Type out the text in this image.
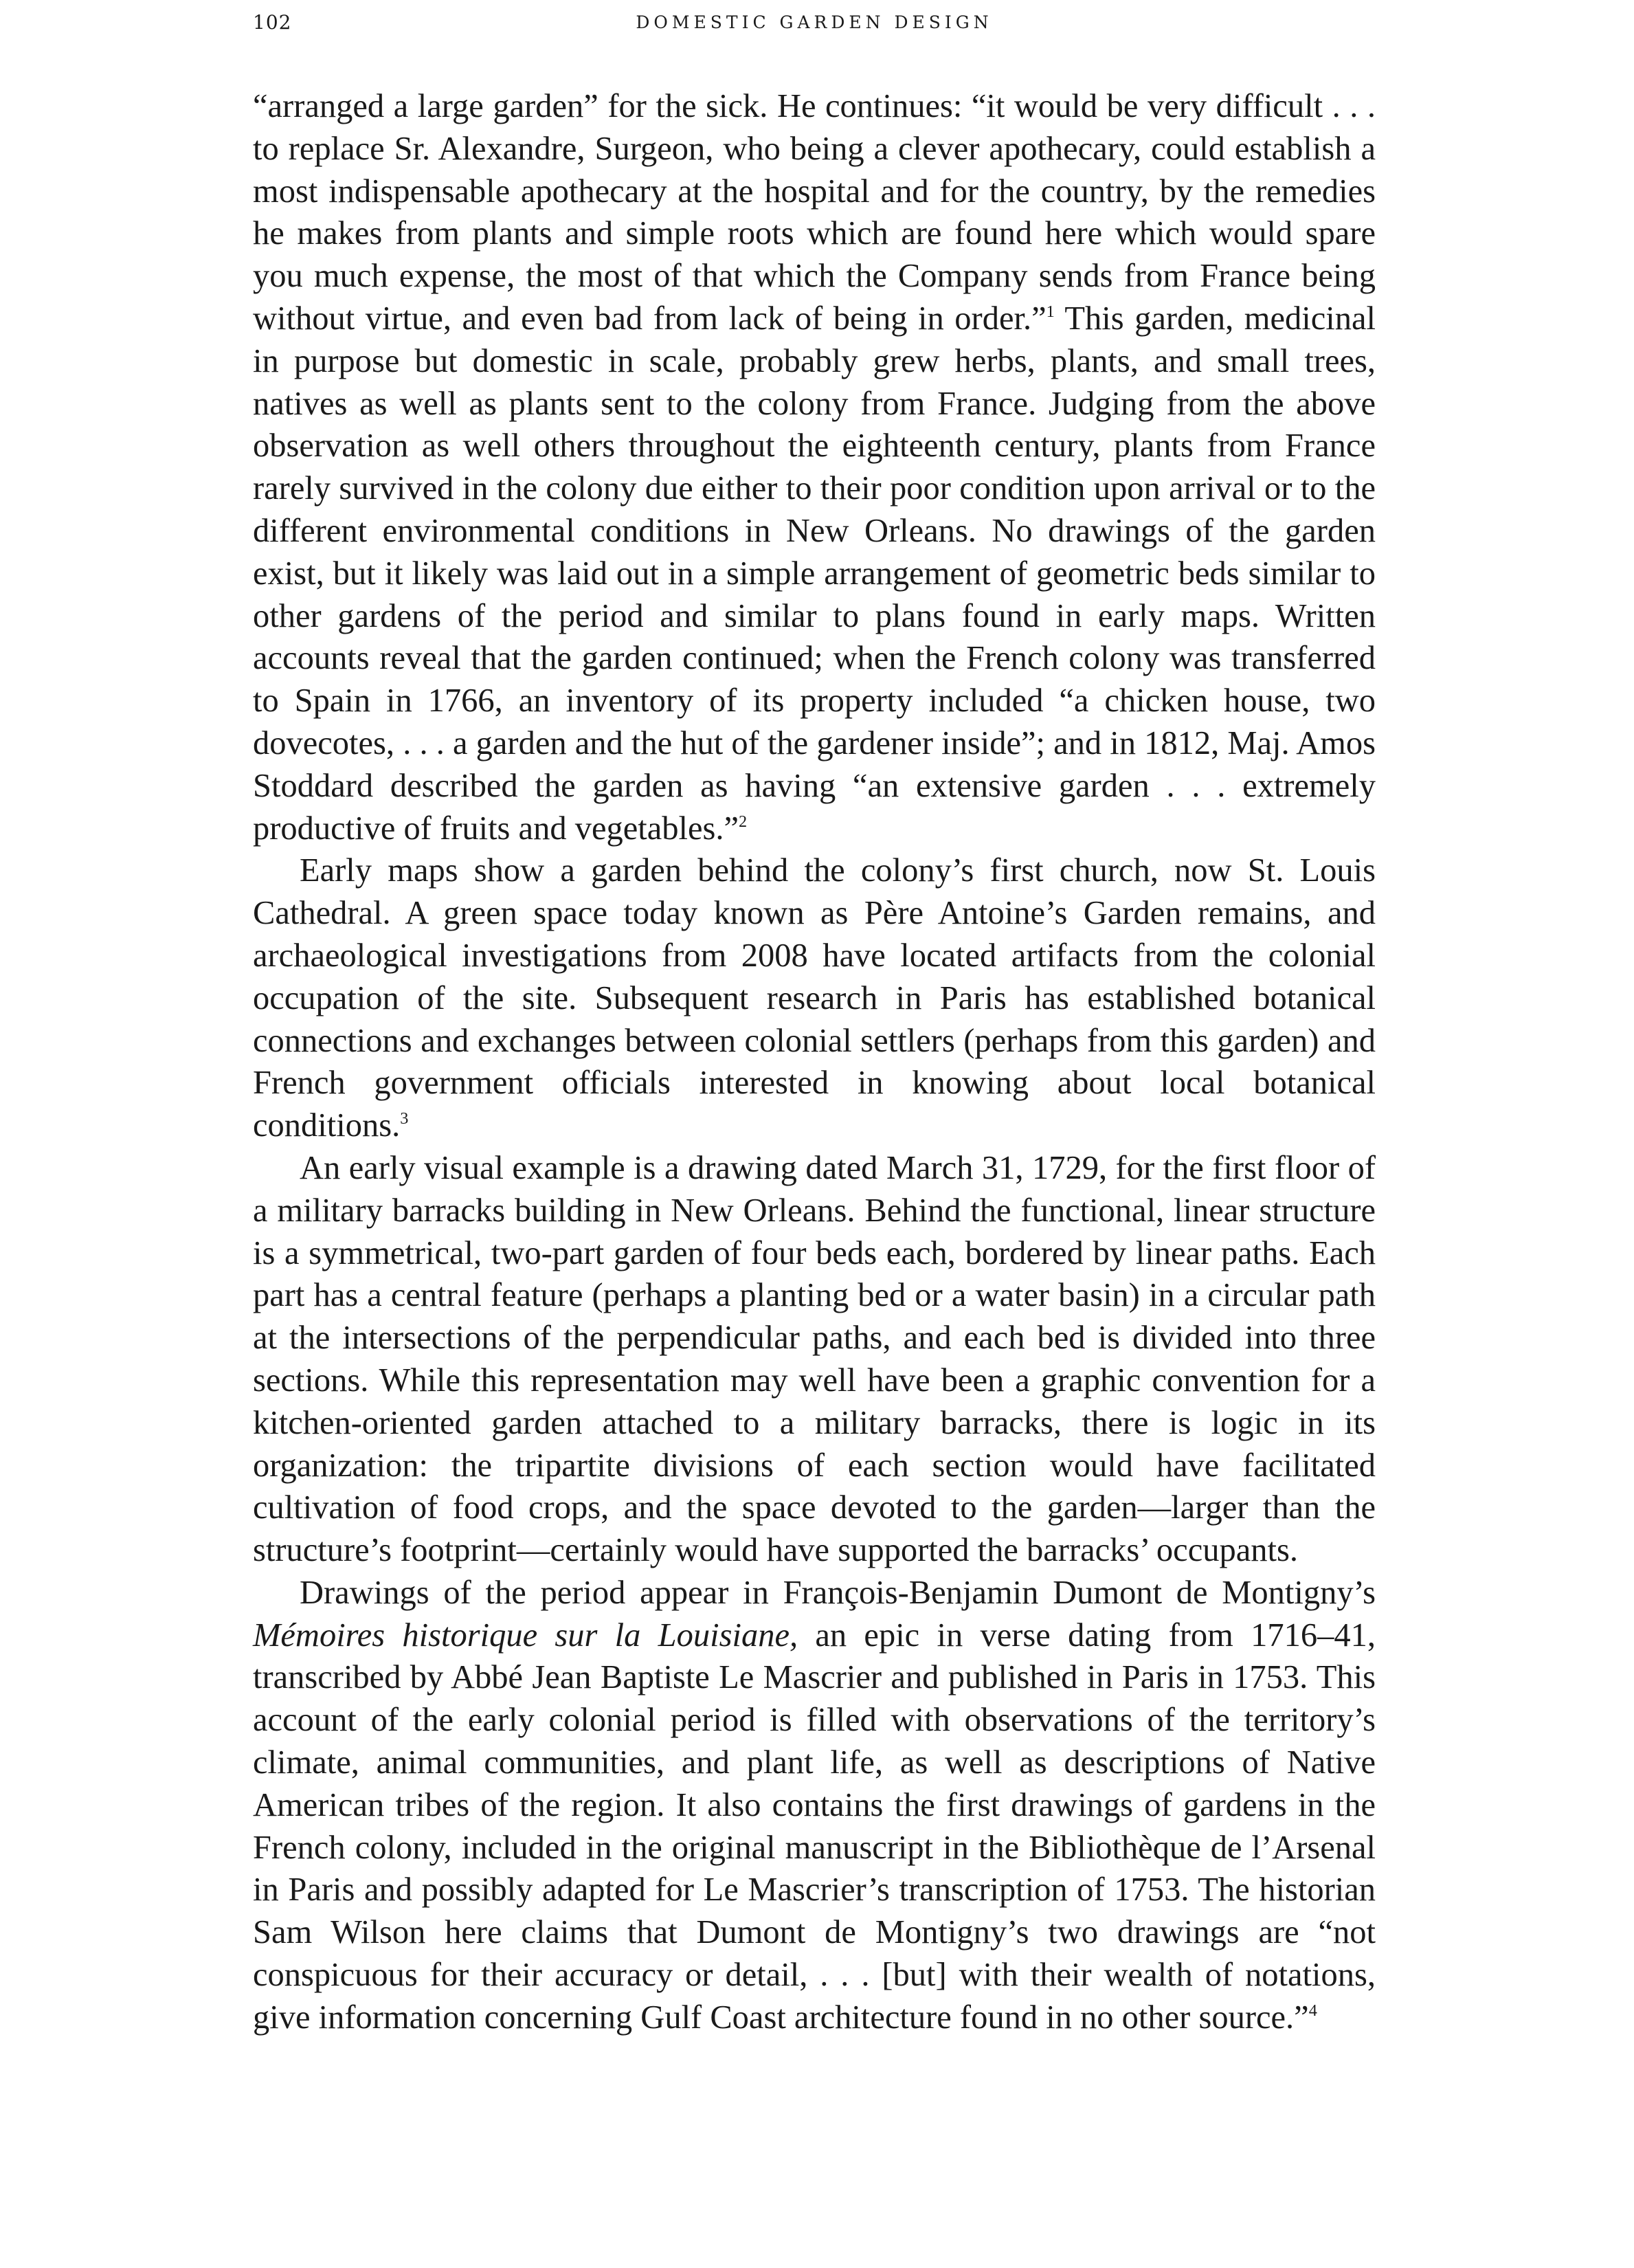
102	DOMESTIC GARDEN DESIGN

“arranged a large garden” for the sick. He continues: “it would be very difficult . . . to replace Sr. Alexandre, Surgeon, who being a clever apothecary, could establish a most indispensable apothecary at the hospital and for the country, by the remedies he makes from plants and simple roots which are found here which would spare you much expense, the most of that which the Company sends from France being without virtue, and even bad from lack of being in order.”$^1$ This garden, medicinal in purpose but domestic in scale, probably grew herbs, plants, and small trees, natives as well as plants sent to the colony from France. Judging from the above observation as well others throughout the eighteenth century, plants from France rarely survived in the colony due either to their poor condition upon arrival or to the different environmental conditions in New Orleans. No drawings of the garden exist, but it likely was laid out in a simple arrangement of geometric beds similar to other gardens of the period and similar to plans found in early maps. Written accounts reveal that the garden continued; when the French colony was transferred to Spain in 1766, an inventory of its property included “a chicken house, two dovecotes, . . . a garden and the hut of the gardener inside”; and in 1812, Maj. Amos Stoddard described the garden as having “an extensive garden . . . extremely productive of fruits and vegetables.”$^2$

Early maps show a garden behind the colony’s first church, now St. Louis Cathedral. A green space today known as Père Antoine’s Garden remains, and archaeological investigations from 2008 have located artifacts from the colonial occupation of the site. Subsequent research in Paris has established botanical connections and exchanges between colonial settlers (perhaps from this garden) and French government officials interested in knowing about local botanical conditions.$^3$

An early visual example is a drawing dated March 31, 1729, for the first floor of a military barracks building in New Orleans. Behind the functional, linear structure is a symmetrical, two-part garden of four beds each, bordered by linear paths. Each part has a central feature (perhaps a planting bed or a water basin) in a circular path at the intersections of the perpendicular paths, and each bed is divided into three sections. While this representation may well have been a graphic convention for a kitchen-oriented garden attached to a military barracks, there is logic in its organization: the tripartite divisions of each section would have facilitated cultivation of food crops, and the space devoted to the garden—larger than the structure’s footprint—certainly would have supported the barracks’ occupants.

Drawings of the period appear in François-Benjamin Dumont de Montigny’s Mémoires historique sur la Louisiane, an epic in verse dating from 1716–41, transcribed by Abbé Jean Baptiste Le Mascrier and published in Paris in 1753. This account of the early colonial period is filled with observations of the territory’s climate, animal communities, and plant life, as well as descriptions of Native American tribes of the region. It also contains the first drawings of gardens in the French colony, included in the original manuscript in the Bibliothèque de l’Arsenal in Paris and possibly adapted for Le Mascrier’s transcription of 1753. The historian Sam Wilson here claims that Dumont de Montigny’s two drawings are “not conspicuous for their accuracy or detail, . . . [but] with their wealth of notations, give information concerning Gulf Coast architecture found in no other source.”$^4$
